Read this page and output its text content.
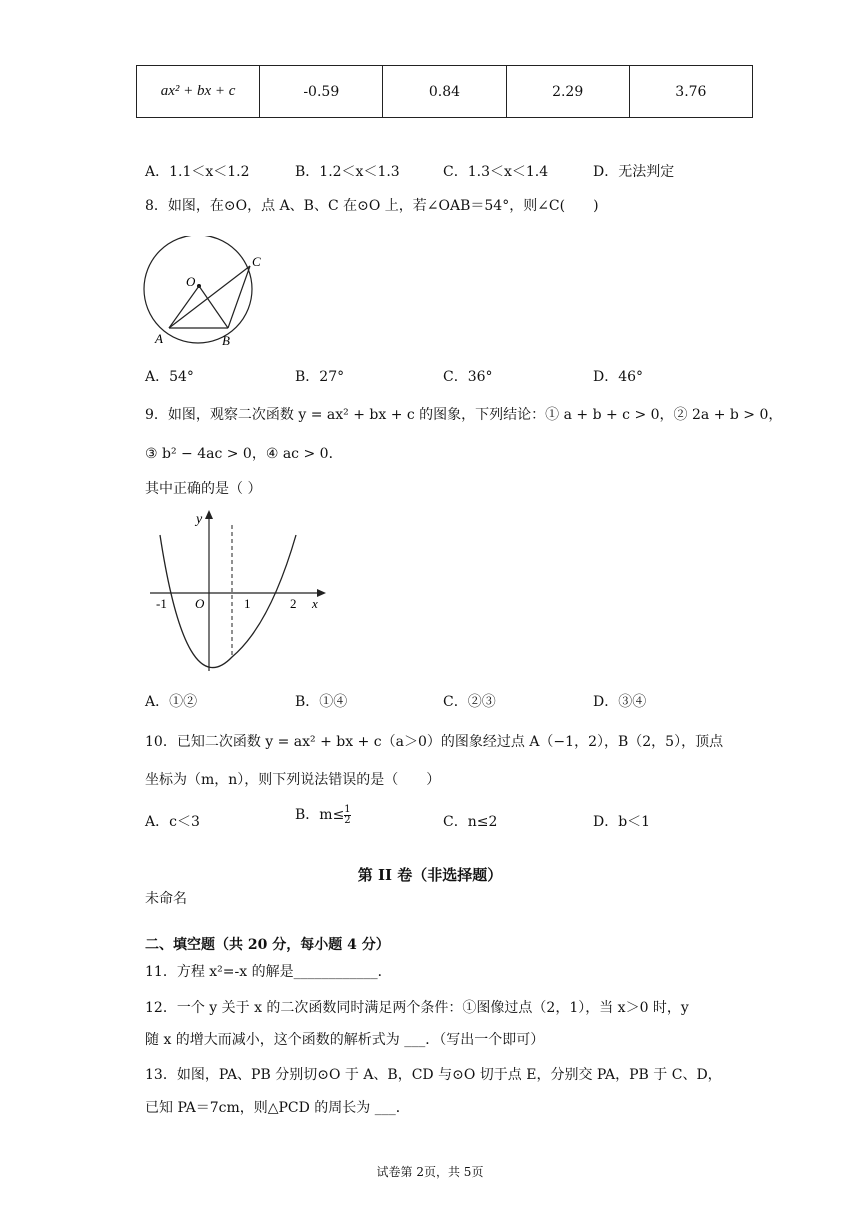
ax² + bx + c	-0.59	0.84	2.29	3.76
A．1.1＜x＜1.2	B．1.2＜x＜1.3	C．1.3＜x＜1.4	D．无法判定
8．如图，在⊙O，点 A、B、C 在⊙O 上，若∠OAB＝54°，则∠C(　　)
O
A	B
C
A．54°	B．27°	C．36°	D．46°
9．如图，观察二次函数 y = ax² + bx + c 的图象，下列结论：① a + b + c > 0，② 2a + b > 0，
③ b² − 4ac > 0，④ ac > 0．
其中正确的是（ ）
y
x
O
-1	1	2
A．①②	B．①④	C．②③	D．③④
10．已知二次函数 y = ax² + bx + c（a＞0）的图象经过点 A（−1，2），B（2，5），顶点
坐标为（m，n），则下列说法错误的是（　　）
A．c＜3	B．$m\le \frac{1}{2}$	C．n≤2	D．b＜1
第 II 卷（非选择题）
未命名
二、填空题（共 20 分，每小题 4 分）
11．方程 x²=-x 的解是____________．
12．一个 y 关于 x 的二次函数同时满足两个条件：①图像过点（2，1），当 x＞0 时，y
随 x 的增大而减小，这个函数的解析式为 ___．（写出一个即可）
13．如图，PA、PB 分别切⊙O 于 A、B，CD 与⊙O 切于点 E，分别交 PA，PB 于 C、D，
已知 PA＝7cm，则△PCD 的周长为 ___．
试卷第 2页，共 5页
